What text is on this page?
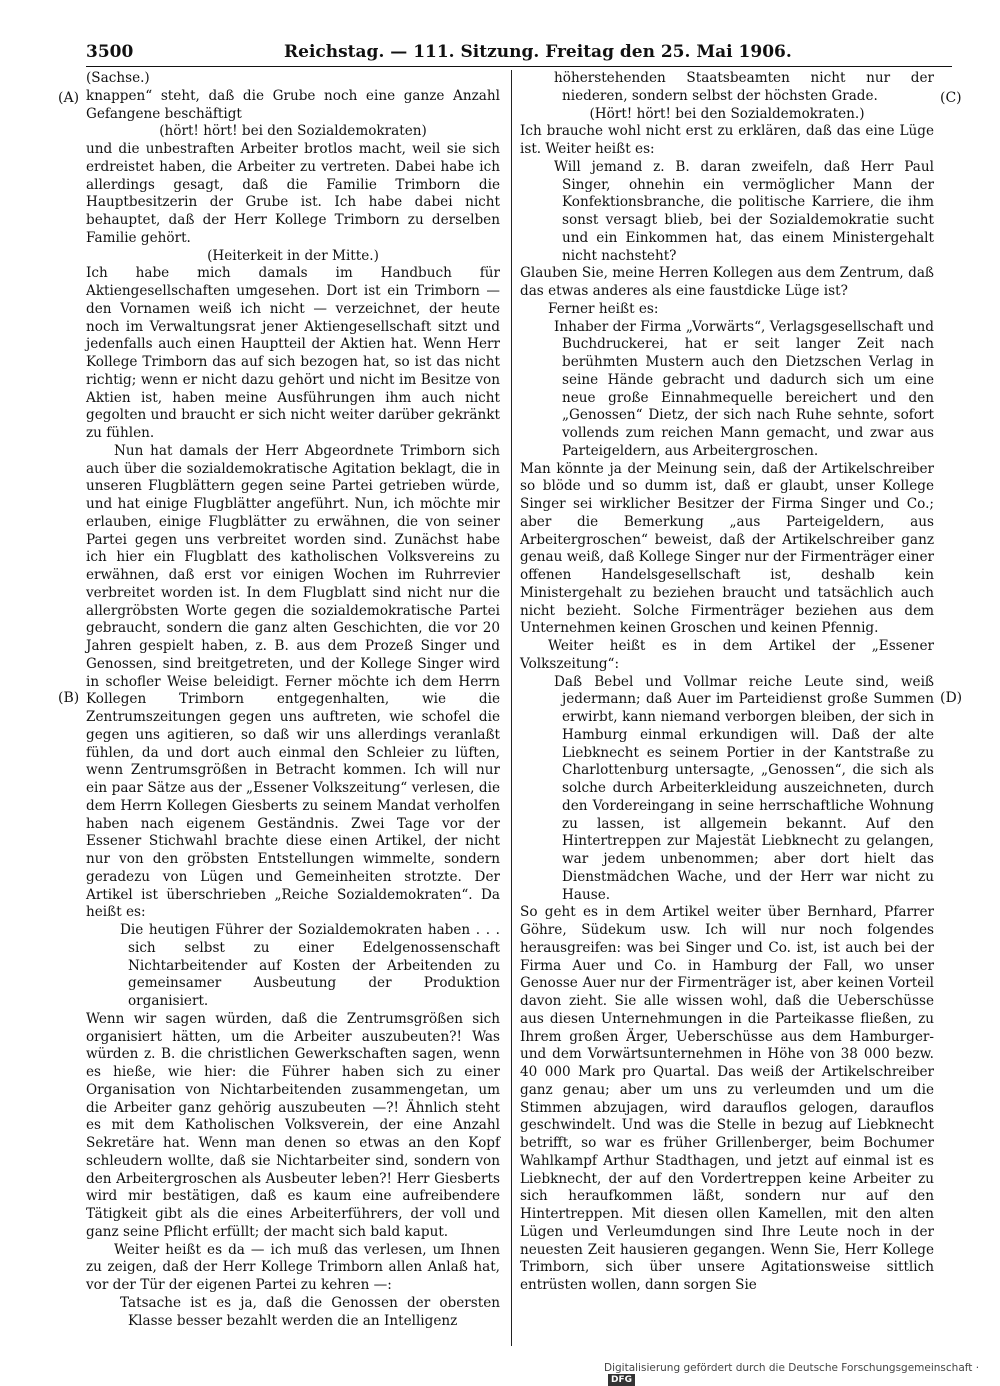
3500	Reichstag. — 111. Sitzung. Freitag den 25. Mai 1906.
(A)
(B)
(C)
(D)

(Sachse.)

knappen“ steht, daß die Grube noch eine ganze Anzahl Gefangene beschäftigt

(hört! hört! bei den Sozialdemokraten)

und die unbestraften Arbeiter brotlos macht, weil sie sich erdreistet haben, die Arbeiter zu vertreten. Dabei habe ich allerdings gesagt, daß die Familie Trimborn die Hauptbesitzerin der Grube ist. Ich habe dabei nicht behauptet, daß der Herr Kollege Trimborn zu derselben Familie gehört.

(Heiterkeit in der Mitte.)

Ich habe mich damals im Handbuch für Aktiengesellschaften umgesehen. Dort ist ein Trimborn — den Vornamen weiß ich nicht — verzeichnet, der heute noch im Verwaltungsrat jener Aktiengesellschaft sitzt und jedenfalls auch einen Hauptteil der Aktien hat. Wenn Herr Kollege Trimborn das auf sich bezogen hat, so ist das nicht richtig; wenn er nicht dazu gehört und nicht im Besitze von Aktien ist, haben meine Ausführungen ihm auch nicht gegolten und braucht er sich nicht weiter darüber gekränkt zu fühlen.

Nun hat damals der Herr Abgeordnete Trimborn sich auch über die sozialdemokratische Agitation beklagt, die in unseren Flugblättern gegen seine Partei getrieben würde, und hat einige Flugblätter angeführt. Nun, ich möchte mir erlauben, einige Flugblätter zu erwähnen, die von seiner Partei gegen uns verbreitet worden sind. Zunächst habe ich hier ein Flugblatt des katholischen Volksvereins zu erwähnen, daß erst vor einigen Wochen im Ruhrrevier verbreitet worden ist. In dem Flugblatt sind nicht nur die allergröbsten Worte gegen die sozialdemokratische Partei gebraucht, sondern die ganz alten Geschichten, die vor 20 Jahren gespielt haben, z. B. aus dem Prozeß Singer und Genossen, sind breitgetreten, und der Kollege Singer wird in schofler Weise beleidigt. Ferner möchte ich dem Herrn Kollegen Trimborn entgegenhalten, wie die Zentrumszeitungen gegen uns auftreten, wie schofel die gegen uns agitieren, so daß wir uns allerdings veranlaßt fühlen, da und dort auch einmal den Schleier zu lüften, wenn Zentrumsgrößen in Betracht kommen. Ich will nur ein paar Sätze aus der „Essener Volkszeitung“ verlesen, die dem Herrn Kollegen Giesberts zu seinem Mandat verholfen haben nach eigenem Geständnis. Zwei Tage vor der Essener Stichwahl brachte diese einen Artikel, der nicht nur von den gröbsten Entstellungen wimmelte, sondern geradezu von Lügen und Gemeinheiten strotzte. Der Artikel ist überschrieben „Reiche Sozialdemokraten“. Da heißt es:

Die heutigen Führer der Sozialdemokraten haben . . . sich selbst zu einer Edelgenossenschaft Nichtarbeitender auf Kosten der Arbeitenden zu gemeinsamer Ausbeutung der Produktion organisiert.

Wenn wir sagen würden, daß die Zentrumsgrößen sich organisiert hätten, um die Arbeiter auszubeuten?! Was würden z. B. die christlichen Gewerkschaften sagen, wenn es hieße, wie hier: die Führer haben sich zu einer Organisation von Nichtarbeitenden zusammengetan, um die Arbeiter ganz gehörig auszubeuten —?! Ähnlich steht es mit dem Katholischen Volksverein, der eine Anzahl Sekretäre hat. Wenn man denen so etwas an den Kopf schleudern wollte, daß sie Nichtarbeiter sind, sondern von den Arbeitergroschen als Ausbeuter leben?! Herr Giesberts wird mir bestätigen, daß es kaum eine aufreibendere Tätigkeit gibt als die eines Arbeiterführers, der voll und ganz seine Pflicht erfüllt; der macht sich bald kaput.

Weiter heißt es da — ich muß das verlesen, um Ihnen zu zeigen, daß der Herr Kollege Trimborn allen Anlaß hat, vor der Tür der eigenen Partei zu kehren —:

Tatsache ist es ja, daß die Genossen der obersten Klasse besser bezahlt werden die an Intelligenz

höherstehenden Staatsbeamten nicht nur der niederen, sondern selbst der höchsten Grade.

(Hört! hört! bei den Sozialdemokraten.)

Ich brauche wohl nicht erst zu erklären, daß das eine Lüge ist. Weiter heißt es:

Will jemand z. B. daran zweifeln, daß Herr Paul Singer, ohnehin ein vermöglicher Mann der Konfektionsbranche, die politische Karriere, die ihm sonst versagt blieb, bei der Sozialdemokratie sucht und ein Einkommen hat, das einem Ministergehalt nicht nachsteht?

Glauben Sie, meine Herren Kollegen aus dem Zentrum, daß das etwas anderes als eine faustdicke Lüge ist?

Ferner heißt es:

Inhaber der Firma „Vorwärts“, Verlagsgesellschaft und Buchdruckerei, hat er seit langer Zeit nach berühmten Mustern auch den Dietzschen Verlag in seine Hände gebracht und dadurch sich um eine neue große Einnahmequelle bereichert und den „Genossen“ Dietz, der sich nach Ruhe sehnte, sofort vollends zum reichen Mann gemacht, und zwar aus Parteigeldern, aus Arbeitergroschen.

Man könnte ja der Meinung sein, daß der Artikelschreiber so blöde und so dumm ist, daß er glaubt, unser Kollege Singer sei wirklicher Besitzer der Firma Singer und Co.; aber die Bemerkung „aus Parteigeldern, aus Arbeitergroschen“ beweist, daß der Artikelschreiber ganz genau weiß, daß Kollege Singer nur der Firmenträger einer offenen Handelsgesellschaft ist, deshalb kein Ministergehalt zu beziehen braucht und tatsächlich auch nicht bezieht. Solche Firmenträger beziehen aus dem Unternehmen keinen Groschen und keinen Pfennig.

Weiter heißt es in dem Artikel der „Essener Volkszeitung“:

Daß Bebel und Vollmar reiche Leute sind, weiß jedermann; daß Auer im Parteidienst große Summen erwirbt, kann niemand verborgen bleiben, der sich in Hamburg einmal erkundigen will. Daß der alte Liebknecht es seinem Portier in der Kantstraße zu Charlottenburg untersagte, „Genossen“, die sich als solche durch Arbeiterkleidung auszeichneten, durch den Vordereingang in seine herrschaftliche Wohnung zu lassen, ist allgemein bekannt. Auf den Hintertreppen zur Majestät Liebknecht zu gelangen, war jedem unbenommen; aber dort hielt das Dienstmädchen Wache, und der Herr war nicht zu Hause.

So geht es in dem Artikel weiter über Bernhard, Pfarrer Göhre, Südekum usw. Ich will nur noch folgendes herausgreifen: was bei Singer und Co. ist, ist auch bei der Firma Auer und Co. in Hamburg der Fall, wo unser Genosse Auer nur der Firmenträger ist, aber keinen Vorteil davon zieht. Sie alle wissen wohl, daß die Ueberschüsse aus diesen Unternehmungen in die Parteikasse fließen, zu Ihrem großen Ärger, Ueberschüsse aus dem Hamburger- und dem Vorwärtsunternehmen in Höhe von 38 000 bezw. 40 000 Mark pro Quartal. Das weiß der Artikelschreiber ganz genau; aber um uns zu verleumden und um die Stimmen abzujagen, wird darauflos gelogen, darauflos geschwindelt. Und was die Stelle in bezug auf Liebknecht betrifft, so war es früher Grillenberger, beim Bochumer Wahlkampf Arthur Stadthagen, und jetzt auf einmal ist es Liebknecht, der auf den Vordertreppen keine Arbeiter zu sich heraufkommen läßt, sondern nur auf den Hintertreppen. Mit diesen ollen Kamellen, mit den alten Lügen und Verleumdungen sind Ihre Leute noch in der neuesten Zeit hausieren gegangen. Wenn Sie, Herr Kollege Trimborn, sich über unsere Agitationsweise sittlich entrüsten wollen, dann sorgen Sie

Digitalisierung gefördert durch die Deutsche Forschungsgemeinschaft · DFG
